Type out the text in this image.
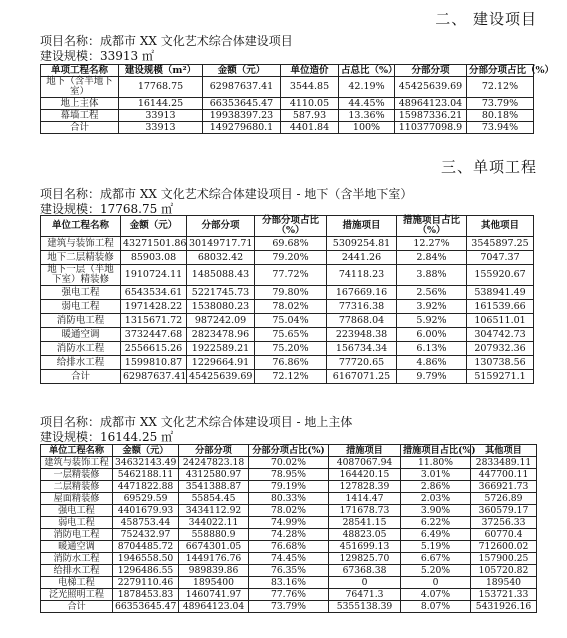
二、 建设项目
项目名称：成都市 XX 文化艺术综合体建设项目
建设规模：33913 ㎡
单项工程名称	建设规模（m²）	金额（元）	单位造价	占总比（%）	分部分项	分部分项占比（%）
地下（含半地下室）	17768.75	62987637.41	3544.85	42.19%	45425639.69	72.12%
地上主体	16144.25	66353645.47	4110.05	44.45%	48964123.04	73.79%
幕墙工程	33913	19938397.23	587.93	13.36%	15987336.21	80.18%
合计	33913	149279680.1	4401.84	100%	110377098.9	73.94%
三、单项工程
项目名称：成都市 XX 文化艺术综合体建设项目 - 地下（含半地下室）
建设规模：17768.75 ㎡
单位工程名称	金额（元）	分部分项	分部分项占比（%）	措施项目	措施项目占比（%）	其他项目
建筑与装饰工程	43271501.86	30149717.71	69.68%	5309254.81	12.27%	3545897.25
地下二层精装修	85903.08	68032.42	79.20%	2441.26	2.84%	7047.37
地下一层（半地下室）精装修	1910724.11	1485088.43	77.72%	74118.23	3.88%	155920.67
强电工程	6543534.61	5221745.73	79.80%	167669.16	2.56%	538941.49
弱电工程	1971428.22	1538080.23	78.02%	77316.38	3.92%	161539.66
消防电工程	1315671.72	987242.09	75.04%	77868.04	5.92%	106511.01
暖通空调	3732447.68	2823478.96	75.65%	223948.38	6.00%	304742.73
消防水工程	2556615.26	1922589.21	75.20%	156734.34	6.13%	207932.36
给排水工程	1599810.87	1229664.91	76.86%	77720.65	4.86%	130738.56
合计	62987637.41	45425639.69	72.12%	6167071.25	9.79%	5159271.1
项目名称：成都市 XX 文化艺术综合体建设项目 - 地上主体
建设规模：16144.25 ㎡
单位工程名称	金额（元）	分部分项	分部分项占比(%)	措施项目	措施项目占比(%)	其他项目
建筑与装饰工程	34632143.49	24247823.18	70.02%	4087067.94	11.80%	2833489.11
一层精装修	5462188.11	4312580.97	78.95%	164420.15	3.01%	447700.11
二层精装修	4471822.88	3541388.87	79.19%	127828.39	2.86%	366921.73
屋面精装修	69529.59	55854.45	80.33%	1414.47	2.03%	5726.89
强电工程	4401679.93	3434112.92	78.02%	171678.73	3.90%	360579.17
弱电工程	458753.44	344022.11	74.99%	28541.15	6.22%	37256.33
消防电工程	752432.97	558880.9	74.28%	48823.05	6.49%	60770.4
暖通空调	8704485.72	6674301.05	76.68%	451699.13	5.19%	712600.02
消防水工程	1946558.50	1449176.76	74.45%	129825.70	6.67%	157900.25
给排水工程	1296486.55	989839.86	76.35%	67368.38	5.20%	105720.82
电梯工程	2279110.46	1895400	83.16%	0	0	189540
泛光照明工程	1878453.83	1460741.97	77.76%	76471.3	4.07%	153721.33
合计	66353645.47	48964123.04	73.79%	5355138.39	8.07%	5431926.16
